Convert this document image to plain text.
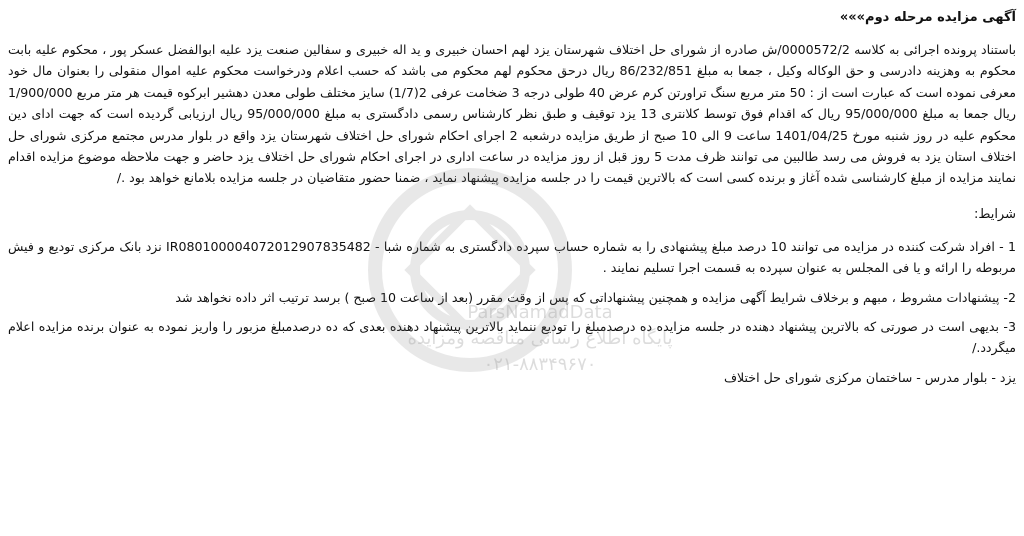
ParsNamadData
پایگاه اطلاع رسانی مناقصه ومزایده
۰۲۱-۸۸۳۴۹۶۷۰
آگهی مزایده مرحله دوم»»»

باستناد پرونده اجرائی به کلاسه 0000572/2/ش صادره از شورای حل اختلاف شهرستان یزد لهم احسان خبیری و ید اله خبیری و سفالین صنعت یزد علیه ابوالفضل عسکر پور ، محکوم علیه بابت محکوم به وهزینه دادرسی و حق الوکاله وکیل ، جمعا به مبلغ 86/232/851 ریال درحق محکوم لهم محکوم می باشد که حسب اعلام ودرخواست محکوم علیه اموال منقولی را بعنوان مال خود معرفی نموده است که عبارت است از : 50 متر مربع سنگ تراورتن کرم عرض 40 طولی درجه 3 ضخامت عرفی 2(1/7) سایز مختلف طولی معدن دهشیر ابرکوه قیمت هر متر مربع 1/900/000 ریال جمعا به مبلغ 95/000/000 ریال که اقدام فوق توسط کلانتری 13 یزد توقیف و طبق نظر کارشناس رسمی دادگستری به مبلغ 95/000/000 ریال ارزیابی گردیده است که جهت ادای دین محکوم علیه در روز شنبه مورخ 1401/04/25 ساعت 9 الی 10 صبح از طریق مزایده درشعبه 2 اجرای احکام شورای حل اختلاف شهرستان یزد واقع در بلوار مدرس مجتمع مرکزی شورای حل اختلاف استان یزد به فروش می رسد طالبین می توانند ظرف مدت 5 روز قبل از روز مزایده در ساعت اداری در اجرای احکام شورای حل اختلاف یزد حاضر و جهت ملاحظه موضوع مزایده اقدام نمایند مزایده از مبلغ کارشناسی شده آغاز و برنده کسی است که بالاترین قیمت را در جلسه مزایده پیشنهاد نماید ، ضمنا حضور متقاضیان در جلسه مزایده بلامانع خواهد بود ./

شرایط:

1 - افراد شرکت کننده در مزایده می توانند 10 درصد مبلغ پیشنهادی را به شماره حساب سپرده دادگستری به شماره شبا - IR080100004072012907835482 نزد بانک مرکزی تودیع و فیش مربوطه را ارائه و یا فی المجلس به عنوان سپرده به قسمت اجرا تسلیم نمایند .

2- پیشنهادات مشروط ، مبهم و برخلاف شرایط آگهی مزایده و همچنین پیشنهاداتی که پس از وقت مقرر (بعد از ساعت 10 صبح ) برسد ترتیب اثر داده نخواهد شد

3- بدیهی است در صورتی که بالاترین پیشنهاد دهنده در جلسه مزایده ده درصدمبلغ را تودیع ننماید بالاترین پیشنهاد دهنده بعدی که ده درصدمبلغ مزبور را واریز نموده به عنوان برنده مزایده اعلام میگردد./

یزد - بلوار مدرس - ساختمان مرکزی شورای حل اختلاف
